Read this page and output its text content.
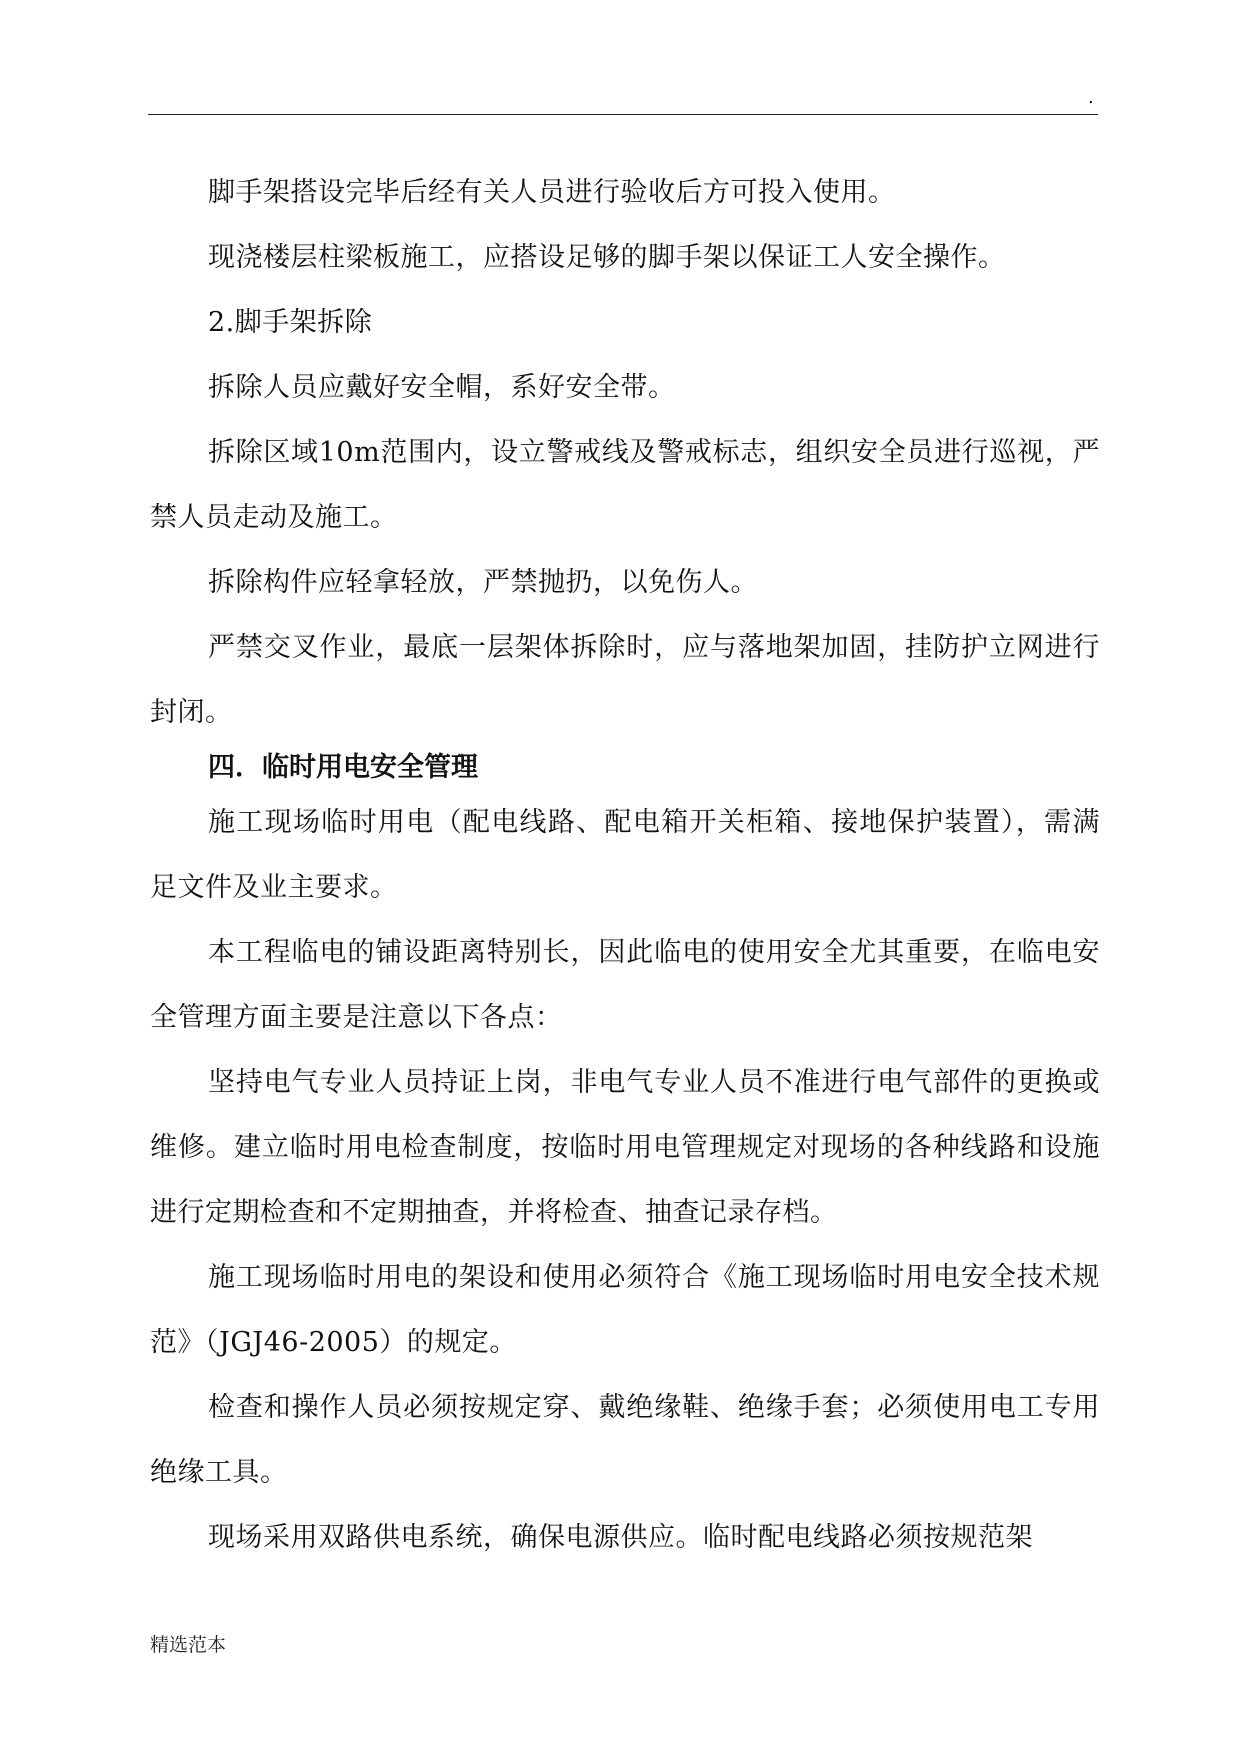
.

脚手架搭设完毕后经有关人员进行验收后方可投入使用。

现浇楼层柱梁板施工，应搭设足够的脚手架以保证工人安全操作。

2.脚手架拆除

拆除人员应戴好安全帽，系好安全带。

拆除区域10m范围内，设立警戒线及警戒标志，组织安全员进行巡视，严禁人员走动及施工。

拆除构件应轻拿轻放，严禁抛扔，以免伤人。

严禁交叉作业，最底一层架体拆除时，应与落地架加固，挂防护立网进行封闭。

四．临时用电安全管理

施工现场临时用电（配电线路、配电箱开关柜箱、接地保护装置），需满足文件及业主要求。

本工程临电的铺设距离特别长，因此临电的使用安全尤其重要，在临电安全管理方面主要是注意以下各点：

坚持电气专业人员持证上岗，非电气专业人员不准进行电气部件的更换或维修。建立临时用电检查制度，按临时用电管理规定对现场的各种线路和设施进行定期检查和不定期抽查，并将检查、抽查记录存档。

施工现场临时用电的架设和使用必须符合《施工现场临时用电安全技术规范》（JGJ46-2005）的规定。

检查和操作人员必须按规定穿、戴绝缘鞋、绝缘手套；必须使用电工专用绝缘工具。

现场采用双路供电系统，确保电源供应。临时配电线路必须按规范架

精选范本
